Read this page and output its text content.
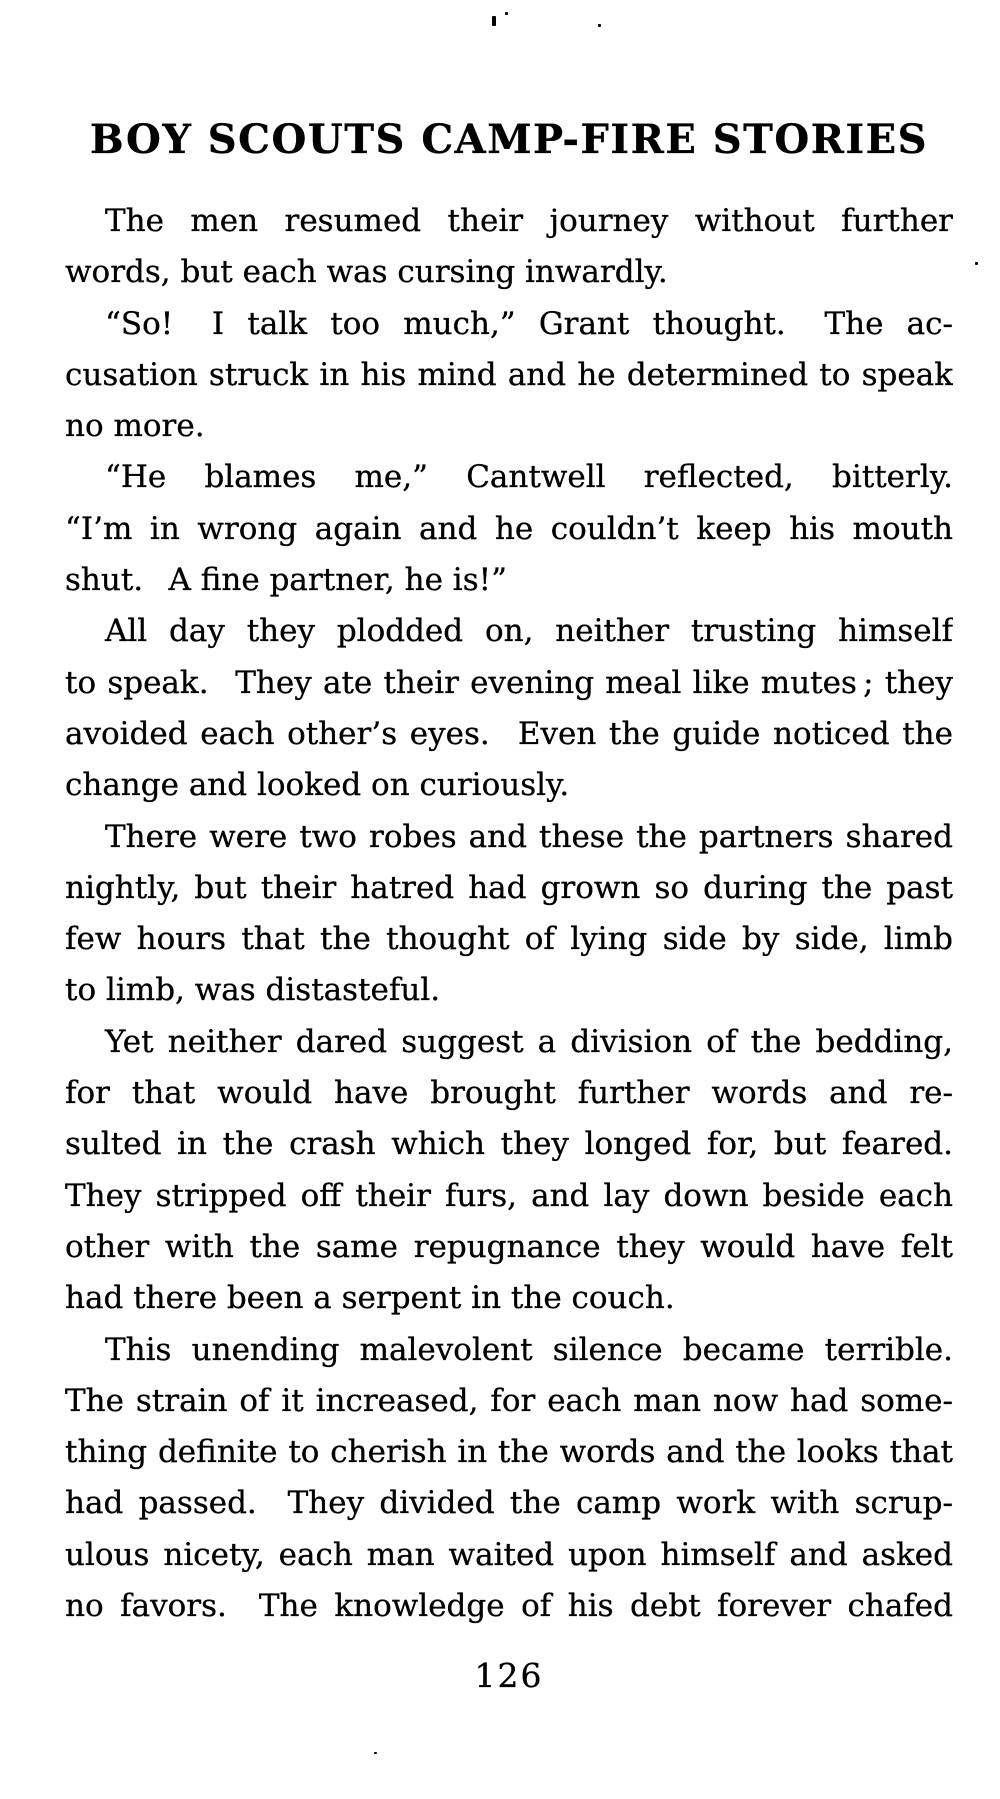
BOY SCOUTS CAMP-FIRE STORIES
The men resumed their journey without further
words, but each was cursing inwardly.
“So!  I talk too much,” Grant thought.  The ac-
cusation struck in his mind and he determined to speak
no more.
“He blames me,” Cantwell reflected, bitterly.
“I’m in wrong again and he couldn’t keep his mouth
shut.  A fine partner, he is!”
All day they plodded on, neither trusting himself
to speak.  They ate their evening meal like mutes ; they
avoided each other’s eyes.  Even the guide noticed the
change and looked on curiously.
There were two robes and these the partners shared
nightly, but their hatred had grown so during the past
few hours that the thought of lying side by side, limb
to limb, was distasteful.
Yet neither dared suggest a division of the bedding,
for that would have brought further words and re-
sulted in the crash which they longed for, but feared.
They stripped off their furs, and lay down beside each
other with the same repugnance they would have felt
had there been a serpent in the couch.
This unending malevolent silence became terrible.
The strain of it increased, for each man now had some-
thing definite to cherish in the words and the looks that
had passed.  They divided the camp work with scrup-
ulous nicety, each man waited upon himself and asked
no favors.  The knowledge of his debt forever chafed
126
